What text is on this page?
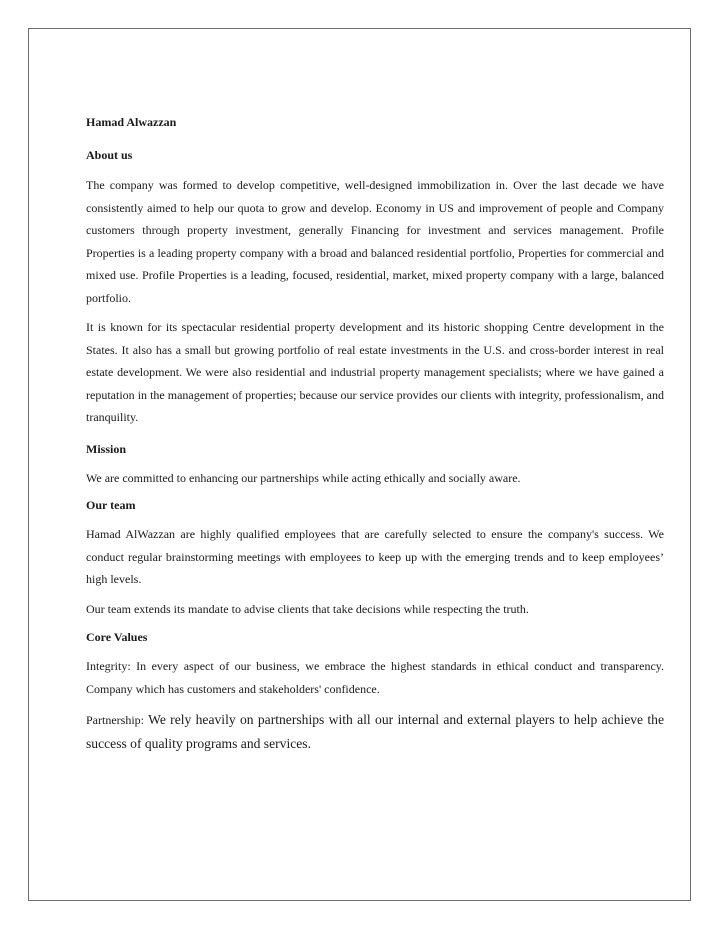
Hamad Alwazzan

About us

The company was formed to develop competitive, well-designed immobilization in. Over the last decade we have consistently aimed to help our quota to grow and develop. Economy in US and improvement of people and Company customers through property investment, generally Financing for investment and services management. Profile Properties is a leading property company with a broad and balanced residential portfolio, Properties for commercial and mixed use. Profile Properties is a leading, focused, residential, market, mixed property company with a large, balanced portfolio.

It is known for its spectacular residential property development and its historic shopping Centre development in the States. It also has a small but growing portfolio of real estate investments in the U.S. and cross-border interest in real estate development. We were also residential and industrial property management specialists; where we have gained a reputation in the management of properties; because our service provides our clients with integrity, professionalism, and tranquility.

Mission

We are committed to enhancing our partnerships while acting ethically and socially aware.

Our team

Hamad AlWazzan are highly qualified employees that are carefully selected to ensure the company's success. We conduct regular brainstorming meetings with employees to keep up with the emerging trends and to keep employees’ high levels.

Our team extends its mandate to advise clients that take decisions while respecting the truth.

Core Values

Integrity: In every aspect of our business, we embrace the highest standards in ethical conduct and transparency. Company which has customers and stakeholders' confidence.

Partnership: We rely heavily on partnerships with all our internal and external players to help achieve the success of quality programs and services.
